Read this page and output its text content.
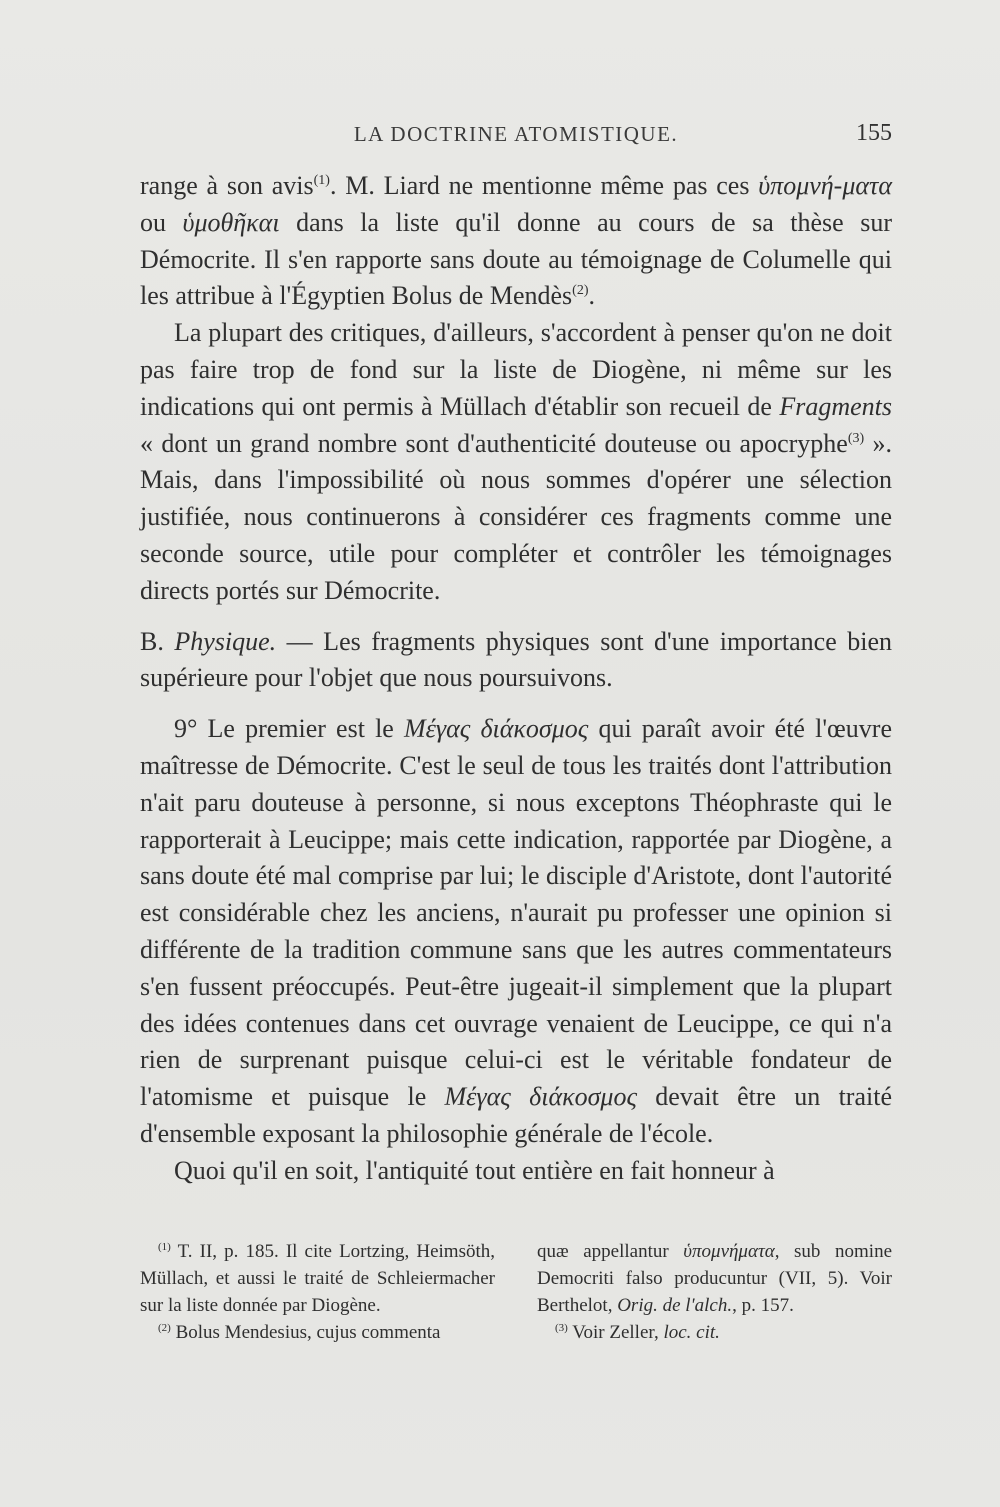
LA DOCTRINE ATOMISTIQUE.	155

range à son avis$^{(1)}$. M. Liard ne mentionne même pas ces ὑπομνή-ματα ou ὑμοθῆκαι dans la liste qu'il donne au cours de sa thèse sur Démocrite. Il s'en rapporte sans doute au témoignage de Columelle qui les attribue à l'Égyptien Bolus de Mendès$^{(2)}$.

La plupart des critiques, d'ailleurs, s'accordent à penser qu'on ne doit pas faire trop de fond sur la liste de Diogène, ni même sur les indications qui ont permis à Müllach d'établir son recueil de Fragments « dont un grand nombre sont d'authenticité douteuse ou apocryphe$^{(3)}$ ». Mais, dans l'impossibilité où nous sommes d'opérer une sélection justifiée, nous continuerons à considérer ces fragments comme une seconde source, utile pour compléter et contrôler les témoignages directs portés sur Démocrite.

B. Physique. — Les fragments physiques sont d'une importance bien supérieure pour l'objet que nous poursuivons.

9° Le premier est le Μέγας διάκοσμος qui paraît avoir été l'œuvre maîtresse de Démocrite. C'est le seul de tous les traités dont l'attribution n'ait paru douteuse à personne, si nous exceptons Théophraste qui le rapporterait à Leucippe; mais cette indication, rapportée par Diogène, a sans doute été mal comprise par lui; le disciple d'Aristote, dont l'autorité est considérable chez les anciens, n'aurait pu professer une opinion si différente de la tradition commune sans que les autres commentateurs s'en fussent préoccupés. Peut-être jugeait-il simplement que la plupart des idées contenues dans cet ouvrage venaient de Leucippe, ce qui n'a rien de surprenant puisque celui-ci est le véritable fondateur de l'atomisme et puisque le Μέγας διάκοσμος devait être un traité d'ensemble exposant la philosophie générale de l'école.

Quoi qu'il en soit, l'antiquité tout entière en fait honneur à

$^{(1)}$ T. II, p. 185. Il cite Lortzing, Heimsöth, Müllach, et aussi le traité de Schleiermacher sur la liste donnée par Diogène.

$^{(2)}$ Bolus Mendesius, cujus commenta

quæ appellantur ὑπομνήματα, sub nomine Democriti falso producuntur (VII, 5). Voir Berthelot, Orig. de l'alch., p. 157.

$^{(3)}$ Voir Zeller, loc. cit.
